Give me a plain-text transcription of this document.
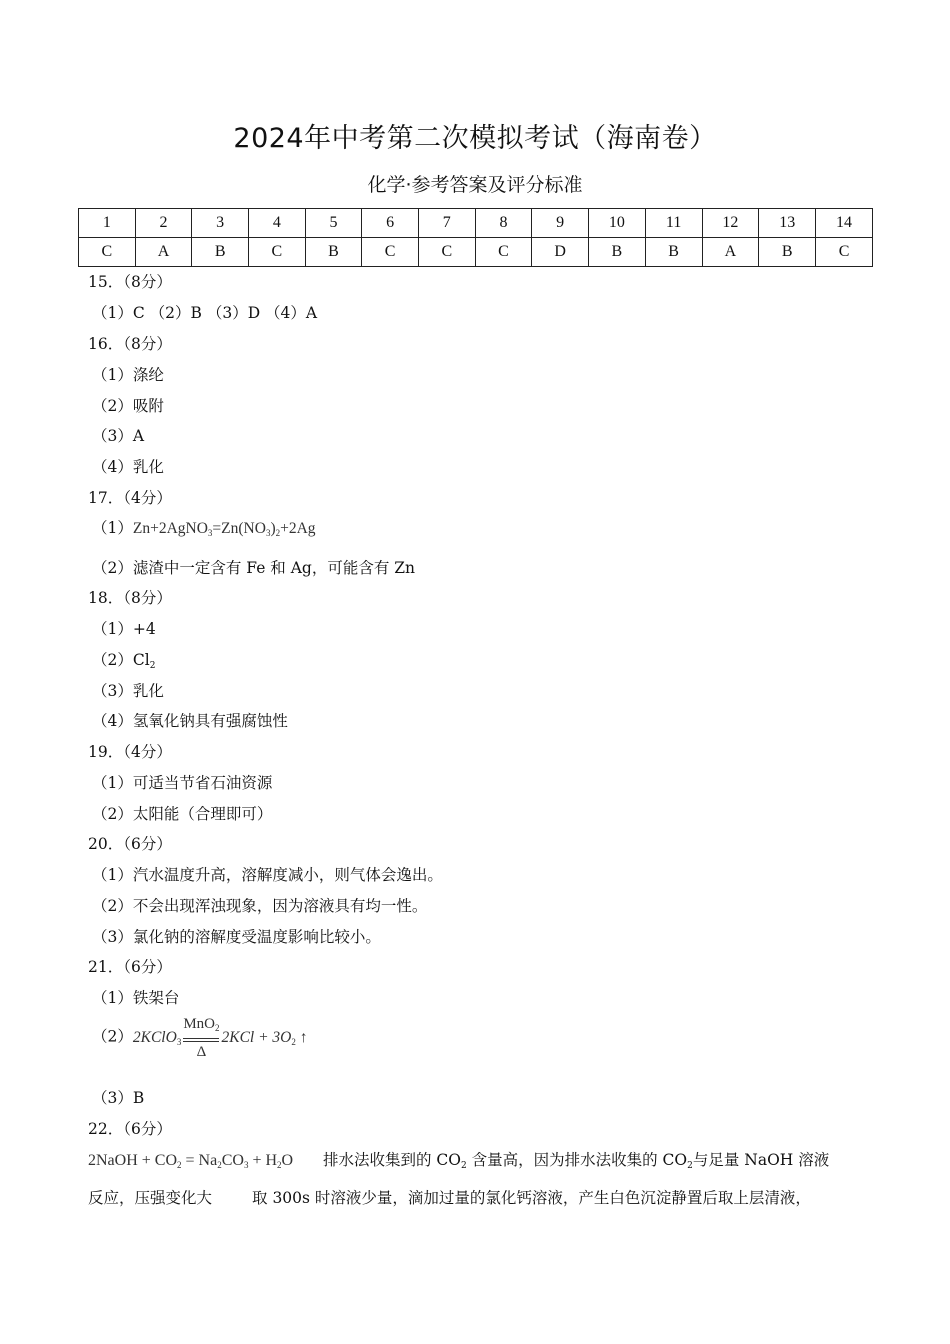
2024年中考第二次模拟考试（海南卷）
化学·参考答案及评分标准
1	2	3	4	5	6	7	8	9	10	11	12	13	14
C	A	B	C	B	C	C	C	D	B	B	A	B	C
15．（8分）
（1）C （2）B （3）D （4）A
16．（8分）
（1）涤纶
（2）吸附
（3）A
（4）乳化
17．（4分）
$(1)Zn+2AgNO_3=Zn(NO_3)_2+2Ag$
（2）滤渣中一定含有 Fe 和 Ag，可能含有 Zn
18．（8分）
（1）+4
$(2)Cl_2$
（3）乳化
（4）氢氧化钠具有强腐蚀性
19．（4分）
（1）可适当节省石油资源
（2）太阳能（合理即可）
20．（6分）
（1）汽水温度升高，溶解度减小，则气体会逸出。
（2）不会出现浑浊现象，因为溶液具有均一性。
（3）氯化钠的溶解度受温度影响比较小。
21．（6分）
（1）铁架台
（2）2KClO$_3$ $\frac{MnO_2}{\Delta} 2KCl + 3O_2$ ↑
（3）B
22．（6分）
2NaOH + $CO_2 = Na_2CO_3 + H_2O$ 排水法收集到的 $CO_2$ 含量高，因为排水法收集的 $CO_2$与足量 NaOH 溶液
反应，压强变化大	取 300s 时溶液少量，滴加过量的氯化钙溶液，产生白色沉淀静置后取上层清液，
